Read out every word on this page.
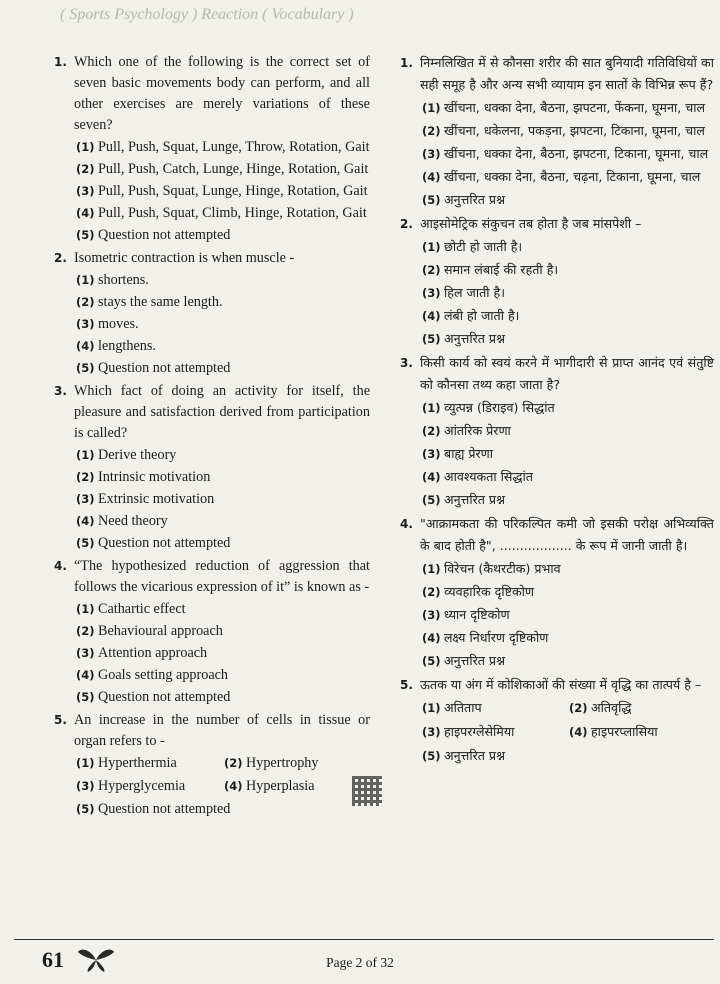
( Sports Psychology ) Reaction ( Vocabulary )
1. Which one of the following is the correct set of seven basic movements body can perform, and all other exercises are merely variations of these seven?
(1) Pull, Push, Squat, Lunge, Throw, Rotation, Gait
(2) Pull, Push, Catch, Lunge, Hinge, Rotation, Gait
(3) Pull, Push, Squat, Lunge, Hinge, Rotation, Gait
(4) Pull, Push, Squat, Climb, Hinge, Rotation, Gait
(5) Question not attempted
2. Isometric contraction is when muscle -
(1) shortens.
(2) stays the same length.
(3) moves.
(4) lengthens.
(5) Question not attempted
3. Which fact of doing an activity for itself, the pleasure and satisfaction derived from participation is called?
(1) Derive theory
(2) Intrinsic motivation
(3) Extrinsic motivation
(4) Need theory
(5) Question not attempted
4. “The hypothesized reduction of aggression that follows the vicarious expression of it” is known as -
(1) Cathartic effect
(2) Behavioural approach
(3) Attention approach
(4) Goals setting approach
(5) Question not attempted
5. An increase in the number of cells in tissue or organ refers to -
(1) Hyperthermia	(2) Hypertrophy
(3) Hyperglycemia	(4) Hyperplasia
(5) Question not attempted
1. निम्नलिखित में से कौनसा शरीर की सात बुनियादी गतिविधियों का सही समूह है और अन्य सभी व्यायाम इन सातों के विभिन्न रूप हैं?
(1) खींचना, धक्का देना, बैठना, झपटना, फेंकना, घूमना, चाल
(2) खींचना, धकेलना, पकड़ना, झपटना, टिकाना, घूमना, चाल
(3) खींचना, धक्का देना, बैठना, झपटना, टिकाना, घूमना, चाल
(4) खींचना, धक्का देना, बैठना, चढ़ना, टिकाना, घूमना, चाल
(5) अनुत्तरित प्रश्न
2. आइसोमेट्रिक संकुचन तब होता है जब मांसपेशी –
(1) छोटी हो जाती है।
(2) समान लंबाई की रहती है।
(3) हिल जाती है।
(4) लंबी हो जाती है।
(5) अनुत्तरित प्रश्न
3. किसी कार्य को स्वयं करने में भागीदारी से प्राप्त आनंद एवं संतुष्टि को कौनसा तथ्य कहा जाता है?
(1) व्युत्पन्न (डिराइव) सिद्धांत
(2) आंतरिक प्रेरणा
(3) बाह्य प्रेरणा
(4) आवश्यकता सिद्धांत
(5) अनुत्तरित प्रश्न
4. "आक्रामकता की परिकल्पित कमी जो इसकी परोक्ष अभिव्यक्ति के बाद होती है", .................. के रूप में जानी जाती है।
(1) विरेचन (कैथरटीक) प्रभाव
(2) व्यवहारिक दृष्टिकोण
(3) ध्यान दृष्टिकोण
(4) लक्ष्य निर्धारण दृष्टिकोण
(5) अनुत्तरित प्रश्न
5. ऊतक या अंग में कोशिकाओं की संख्या में वृद्धि का तात्पर्य है –
(1) अतिताप	(2) अतिवृद्धि
(3) हाइपरग्लेसेमिया	(4) हाइपरप्लासिया
(5) अनुत्तरित प्रश्न
61	Page 2 of 32
